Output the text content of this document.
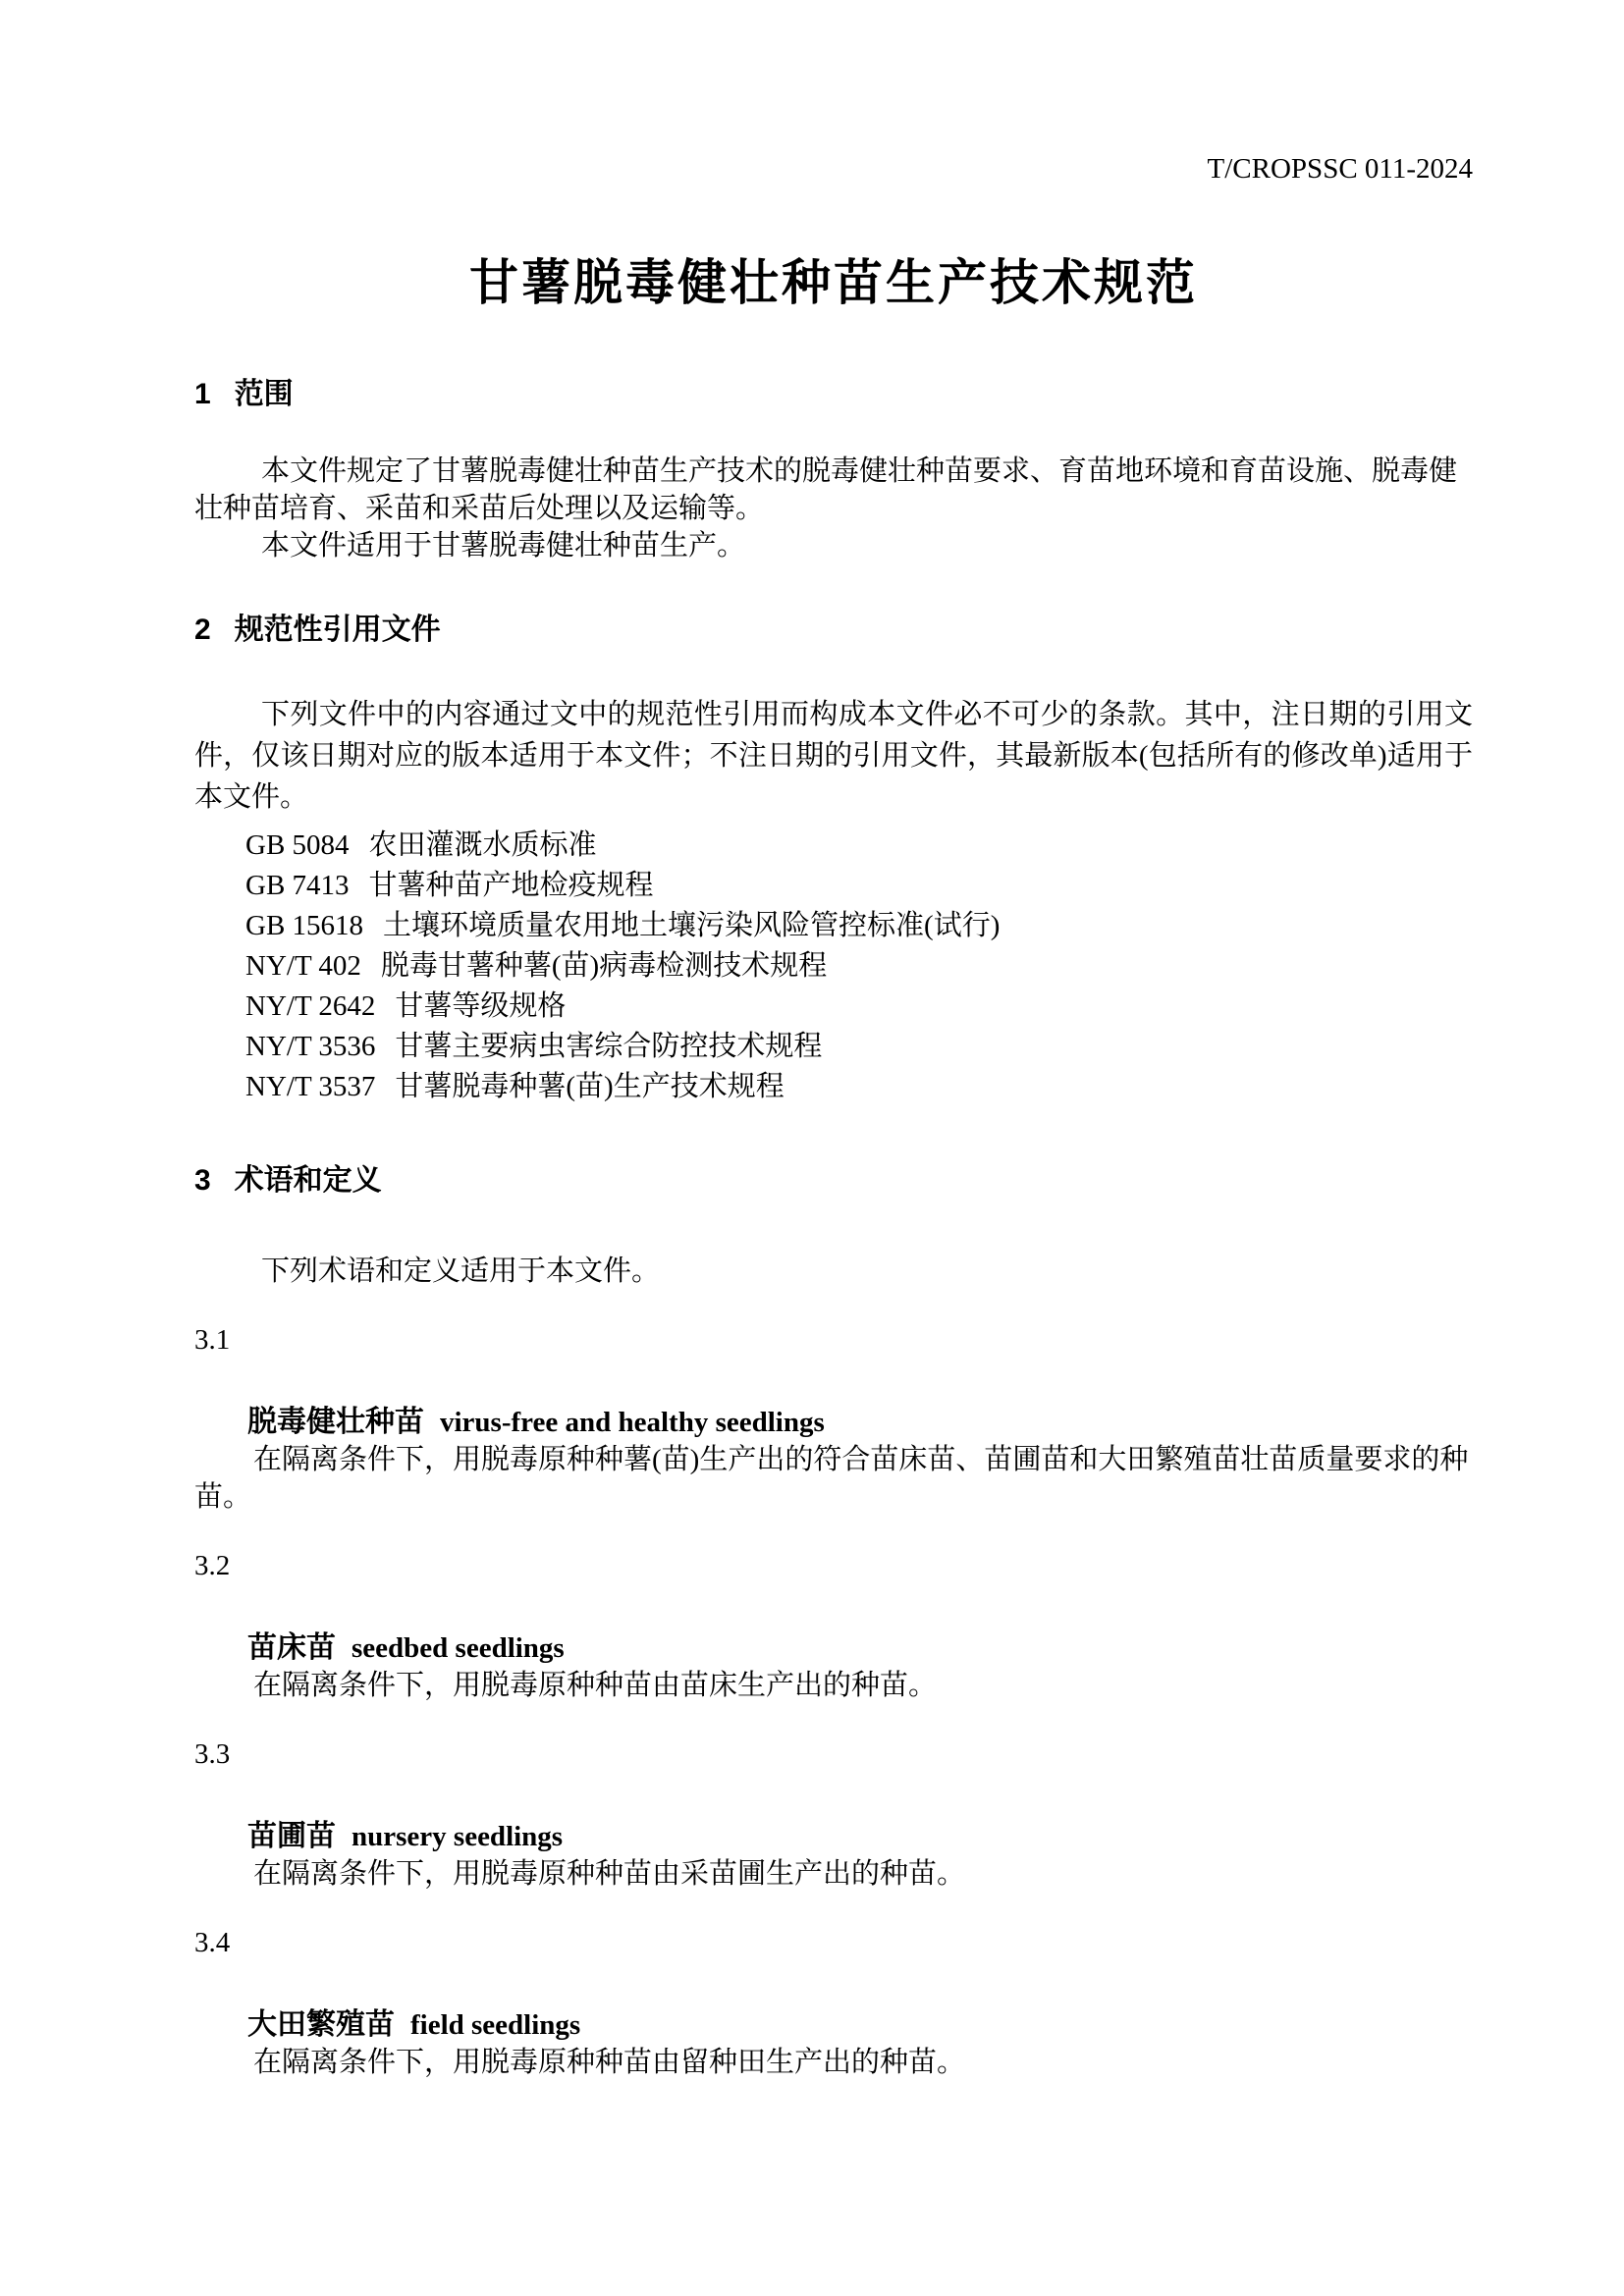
T/CROPSSC 011-2024
甘薯脱毒健壮种苗生产技术规范
1 范围

本文件规定了甘薯脱毒健壮种苗生产技术的脱毒健壮种苗要求、育苗地环境和育苗设施、脱毒健壮种苗培育、采苗和采苗后处理以及运输等。

本文件适用于甘薯脱毒健壮种苗生产。

2 规范性引用文件

下列文件中的内容通过文中的规范性引用而构成本文件必不可少的条款。其中，注日期的引用文件，仅该日期对应的版本适用于本文件；不注日期的引用文件，其最新版本(包括所有的修改单)适用于本文件。

GB 5084 农田灌溉水质标准
GB 7413 甘薯种苗产地检疫规程
GB 15618 土壤环境质量农用地土壤污染风险管控标准(试行)
NY/T 402 脱毒甘薯种薯(苗)病毒检测技术规程
NY/T 2642 甘薯等级规格
NY/T 3536 甘薯主要病虫害综合防控技术规程
NY/T 3537 甘薯脱毒种薯(苗)生产技术规程
3 术语和定义

下列术语和定义适用于本文件。

3.1
脱毒健壮种苗 virus-free and healthy seedlings

在隔离条件下，用脱毒原种种薯(苗)生产出的符合苗床苗、苗圃苗和大田繁殖苗壮苗质量要求的种苗。

3.2
苗床苗 seedbed seedlings

在隔离条件下，用脱毒原种种苗由苗床生产出的种苗。

3.3
苗圃苗 nursery seedlings

在隔离条件下，用脱毒原种种苗由采苗圃生产出的种苗。

3.4
大田繁殖苗 field seedlings

在隔离条件下，用脱毒原种种苗由留种田生产出的种苗。
